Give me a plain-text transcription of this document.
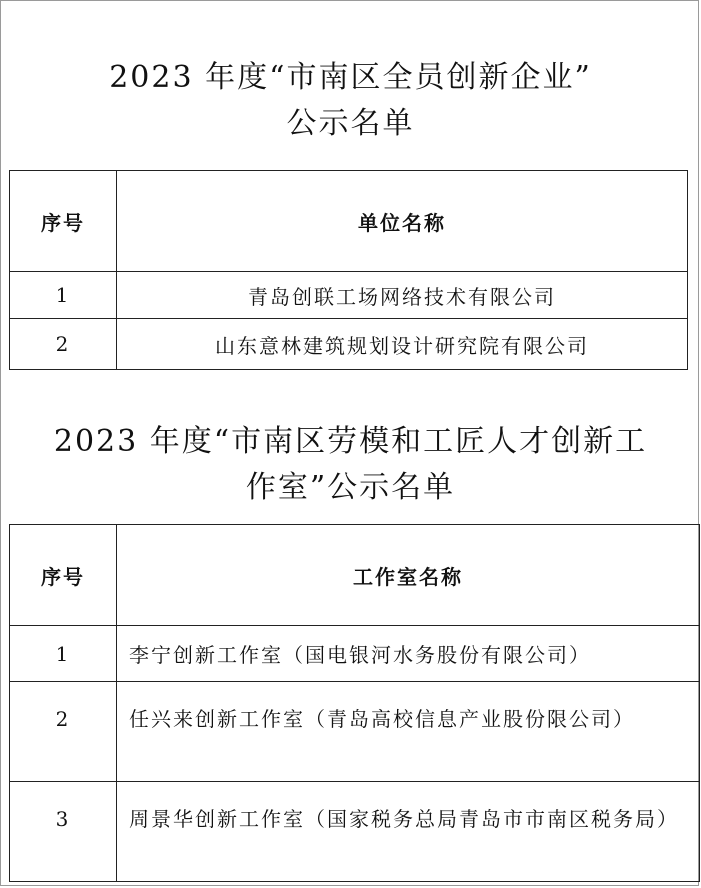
2023 年度“市南区全员创新企业”
公示名单
序号	单位名称
1	青岛创联工场网络技术有限公司
2	山东意林建筑规划设计研究院有限公司
2023 年度“市南区劳模和工匠人才创新工
作室”公示名单
序号	工作室名称
1	李宁创新工作室（国电银河水务股份有限公司）
2	任兴来创新工作室（青岛高校信息产业股份限公司）
3	周景华创新工作室（国家税务总局青岛市市南区税务局）
